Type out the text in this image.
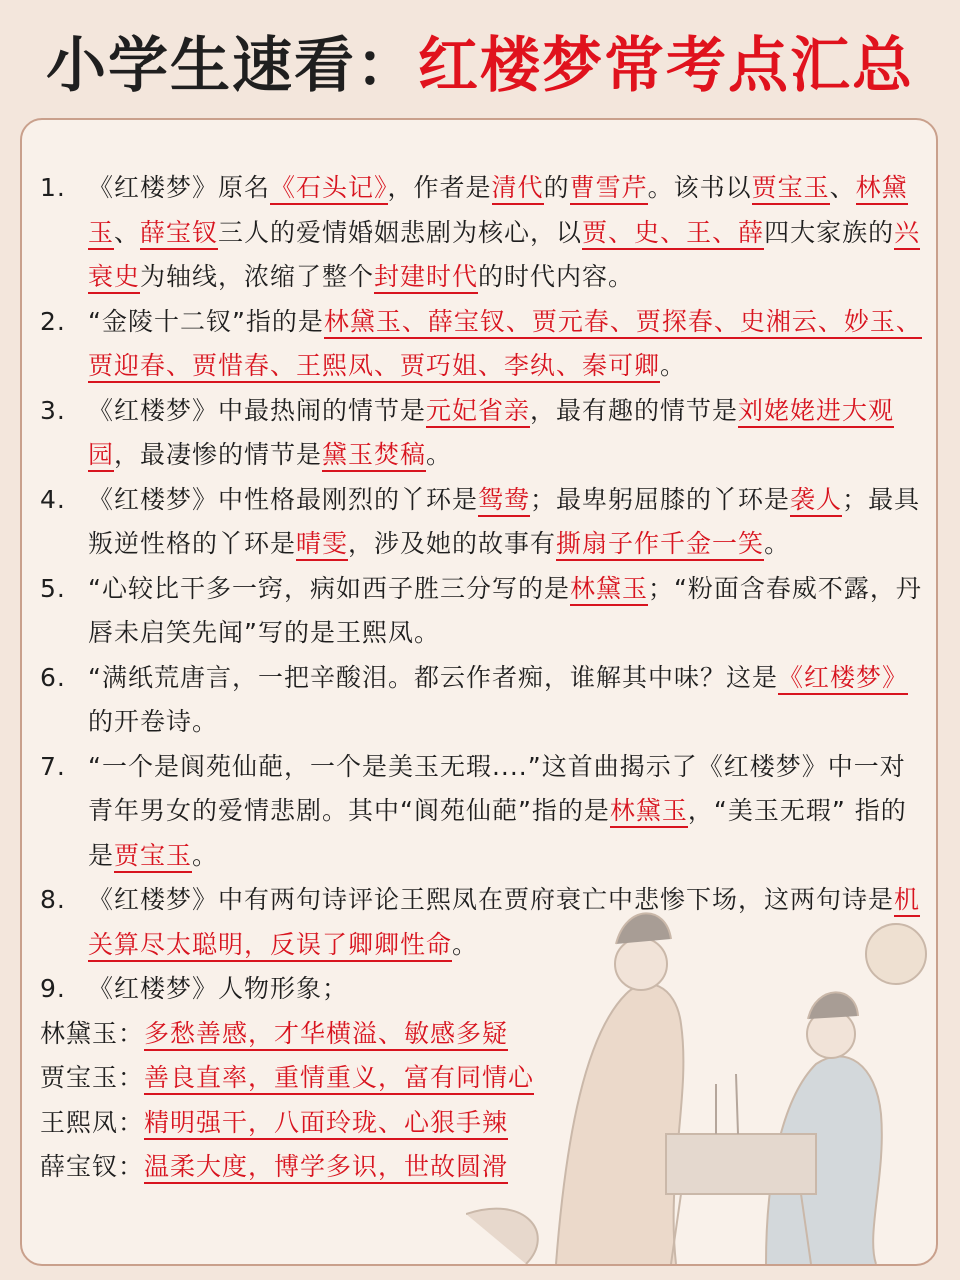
小学生速看：红楼梦常考点汇总
1. 《红楼梦》原名《石头记》，作者是清代的曹雪芹。该书以贾宝玉、林黛玉、薛宝钗三人的爱情婚姻悲剧为核心，以贾、史、王、薛四大家族的兴衰史为轴线，浓缩了整个封建时代的时代内容。
2. “金陵十二钗”指的是林黛玉、薛宝钗、贾元春、贾探春、史湘云、妙玉、贾迎春、贾惜春、王熙凤、贾巧姐、李纨、秦可卿。
3. 《红楼梦》中最热闹的情节是元妃省亲，最有趣的情节是刘姥姥进大观园，最凄惨的情节是黛玉焚稿。
4. 《红楼梦》中性格最刚烈的丫环是鸳鸯；最卑躬屈膝的丫环是袭人；最具叛逆性格的丫环是晴雯，涉及她的故事有撕扇子作千金一笑。
5. “心较比干多一窍，病如西子胜三分写的是林黛玉；“粉面含春威不露，丹唇未启笑先闻”写的是王熙凤。
6. “满纸荒唐言，一把辛酸泪。都云作者痴，谁解其中味？这是《红楼梦》的开卷诗。
7. “一个是阆苑仙葩，一个是美玉无瑕....”这首曲揭示了《红楼梦》中一对青年男女的爱情悲剧。其中“阆苑仙葩”指的是林黛玉，“美玉无瑕” 指的是贾宝玉。
8. 《红楼梦》中有两句诗评论王熙凤在贾府衰亡中悲惨下场，这两句诗是机关算尽太聪明，反误了卿卿性命。
9. 《红楼梦》人物形象；
林黛玉：多愁善感，才华横溢、敏感多疑
贾宝玉：善良直率，重情重义，富有同情心
王熙凤：精明强干，八面玲珑、心狠手辣
薛宝钗：温柔大度，博学多识，世故圆滑
